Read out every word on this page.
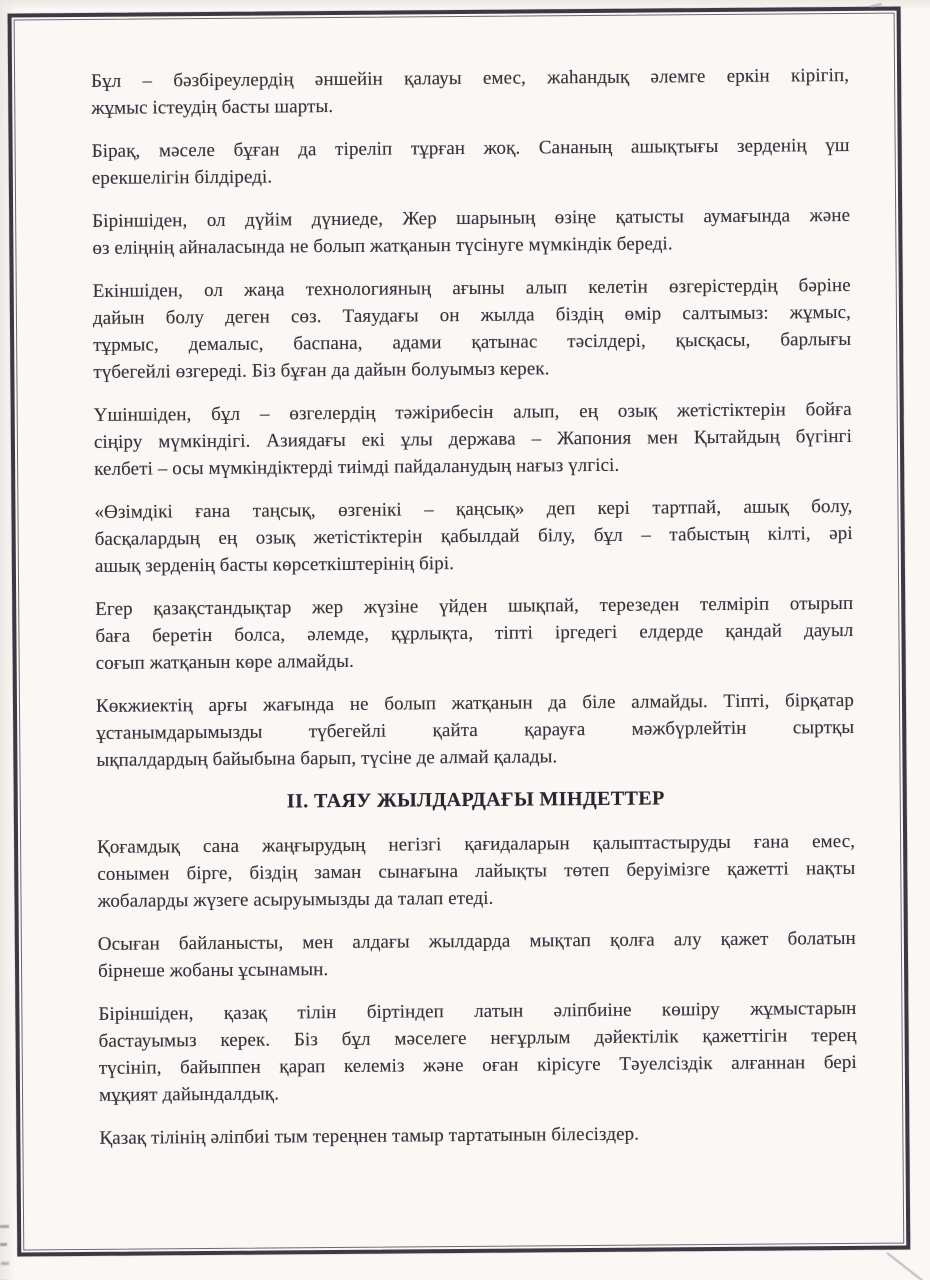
Бұл – бәзбіреулердің әншейін қалауы емес, жаһандық әлемге еркін кірігіп,
жұмыс істеудің басты шарты.
Бірақ, мәселе бұған да тіреліп тұрған жоқ. Сананың ашықтығы зерденің үш
ерекшелігін білдіреді.
Біріншіден, ол дүйім дүниеде, Жер шарының өзіңе қатысты аумағында және
өз еліңнің айналасында не болып жатқанын түсінуге мүмкіндік береді.
Екіншіден, ол жаңа технологияның ағыны алып келетін өзгерістердің бәріне
дайын болу деген сөз. Таяудағы он жылда біздің өмір салтымыз: жұмыс,
тұрмыс, демалыс, баспана, адами қатынас тәсілдері, қысқасы, барлығы
түбегейлі өзгереді. Біз бұған да дайын болуымыз керек.
Үшіншіден, бұл – өзгелердің тәжірибесін алып, ең озық жетістіктерін бойға
сіңіру мүмкіндігі. Азиядағы екі ұлы держава – Жапония мен Қытайдың бүгінгі
келбеті – осы мүмкіндіктерді тиімді пайдаланудың нағыз үлгісі.
«Өзімдікі ғана таңсық, өзгенікі – қаңсық» деп кері тартпай, ашық болу,
басқалардың ең озық жетістіктерін қабылдай білу, бұл – табыстың кілті, әрі
ашық зерденің басты көрсеткіштерінің бірі.
Егер қазақстандықтар жер жүзіне үйден шықпай, терезеден телміріп отырып
баға беретін болса, әлемде, құрлықта, тіпті іргедегі елдерде қандай дауыл
соғып жатқанын көре алмайды.
Көкжиектің арғы жағында не болып жатқанын да біле алмайды. Тіпті, бірқатар
ұстанымдарымызды түбегейлі қайта қарауға мәжбүрлейтін сыртқы
ықпалдардың байыбына барып, түсіне де алмай қалады.
II. ТАЯУ ЖЫЛДАРДАҒЫ МІНДЕТТЕР
Қоғамдық сана жаңғырудың негізгі қағидаларын қалыптастыруды ғана емес,
сонымен бірге, біздің заман сынағына лайықты төтеп беруімізге қажетті нақты
жобаларды жүзеге асыруымызды да талап етеді.
Осыған байланысты, мен алдағы жылдарда мықтап қолға алу қажет болатын
бірнеше жобаны ұсынамын.
Біріншіден, қазақ тілін біртіндеп латын әліпбиіне көшіру жұмыстарын
бастауымыз керек. Біз бұл мәселеге неғұрлым дәйектілік қажеттігін терең
түсініп, байыппен қарап келеміз және оған кірісуге Тәуелсіздік алғаннан бері
мұқият дайындалдық.
Қазақ тілінің әліпбиі тым тереңнен тамыр тартатынын білесіздер.
